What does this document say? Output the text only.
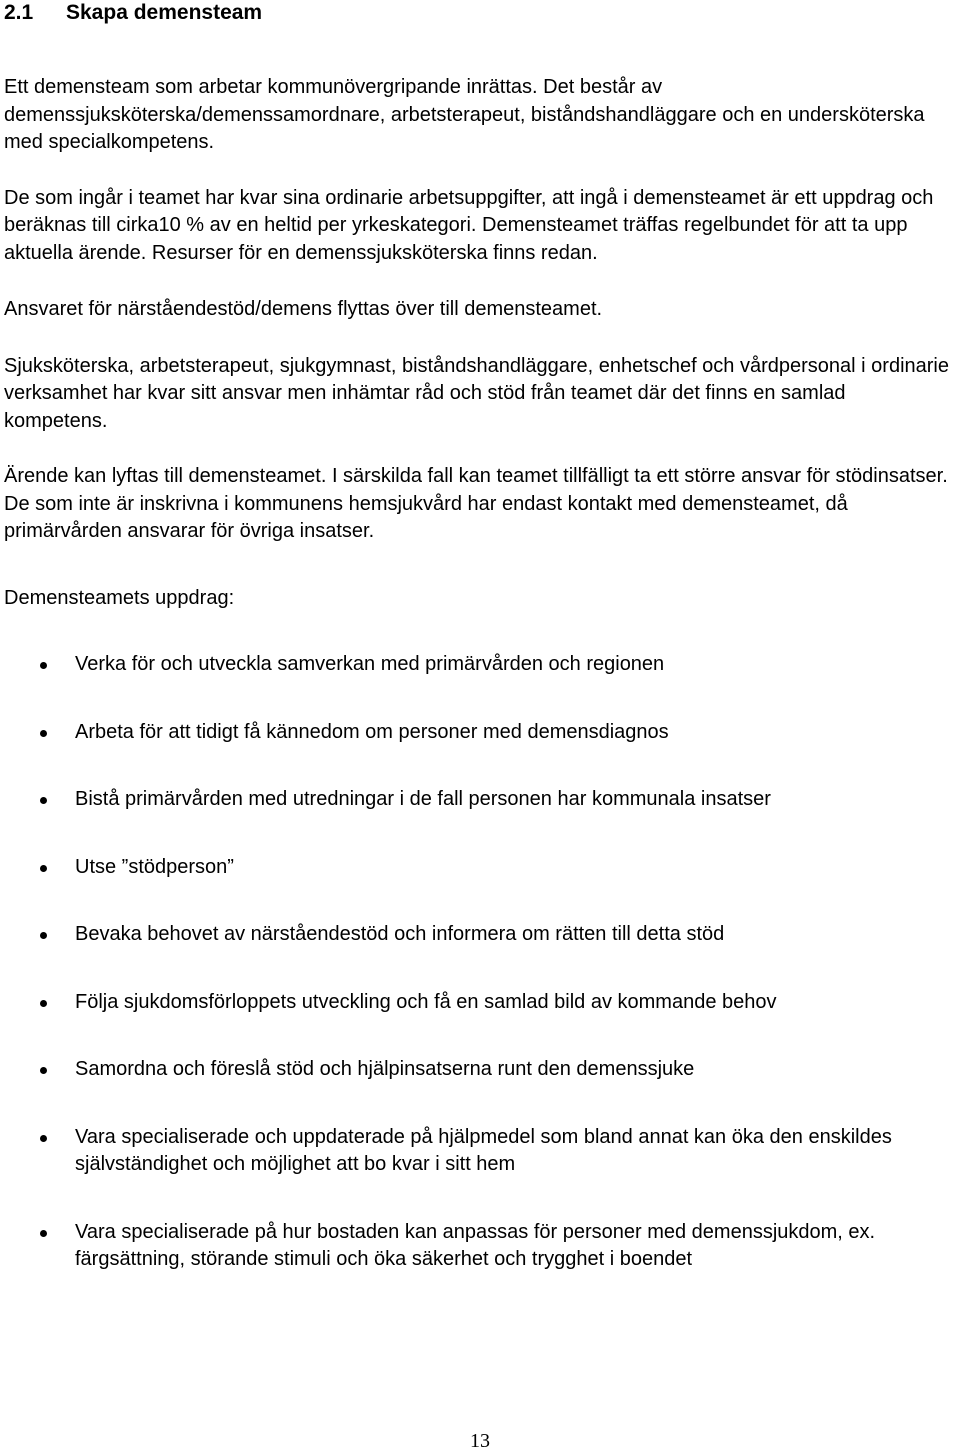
2.1	Skapa demensteam

Ett demensteam som arbetar kommunövergripande inrättas. Det består av demenssjuksköterska/demenssamordnare, arbetsterapeut, biståndshandläggare och en undersköterska med specialkompetens.

De som ingår i teamet har kvar sina ordinarie arbetsuppgifter, att ingå i demensteamet är ett uppdrag och beräknas till cirka10 % av en heltid per yrkeskategori. Demensteamet träffas regelbundet för att ta upp aktuella ärende. Resurser för en demenssjuksköterska finns redan.

Ansvaret för närståendestöd/demens flyttas över till demensteamet.

Sjuksköterska, arbetsterapeut, sjukgymnast, biståndshandläggare, enhetschef och vårdpersonal i ordinarie verksamhet har kvar sitt ansvar men inhämtar råd och stöd från teamet där det finns en samlad kompetens.

Ärende kan lyftas till demensteamet. I särskilda fall kan teamet tillfälligt ta ett större ansvar för stödinsatser. De som inte är inskrivna i kommunens hemsjukvård har endast kontakt med demensteamet, då primärvården ansvarar för övriga insatser.

Demensteamets uppdrag:

Verka för och utveckla samverkan med primärvården och regionen
Arbeta för att tidigt få kännedom om personer med demensdiagnos
Bistå primärvården med utredningar i de fall personen har kommunala insatser
Utse ”stödperson”
Bevaka behovet av närståendestöd och informera om rätten till detta stöd
Följa sjukdomsförloppets utveckling och få en samlad bild av kommande behov
Samordna och föreslå stöd och hjälpinsatserna runt den demenssjuke
Vara specialiserade och uppdaterade på hjälpmedel som bland annat kan öka den enskildes självständighet och möjlighet att bo kvar i sitt hem
Vara specialiserade på hur bostaden kan anpassas för personer med demenssjukdom, ex. färgsättning, störande stimuli och öka säkerhet och trygghet i boendet
13
